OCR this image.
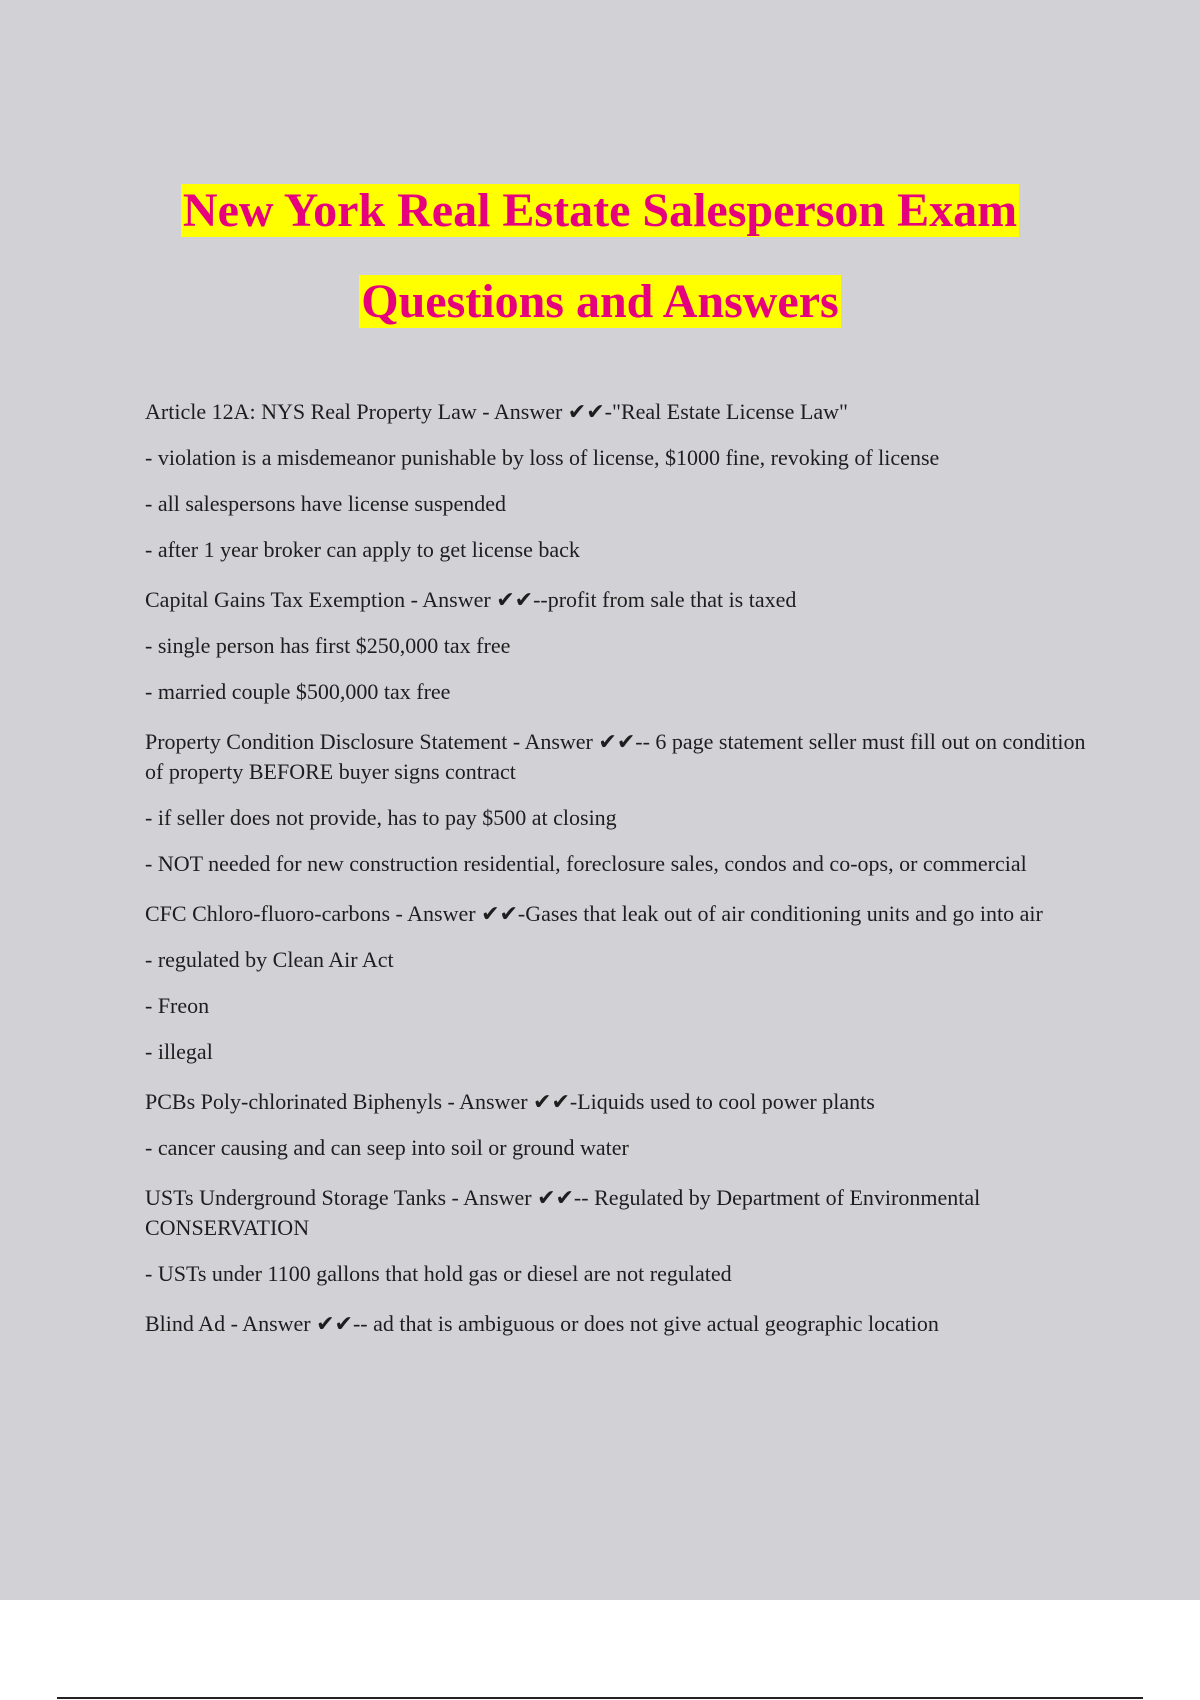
New York Real Estate Salesperson Exam
Questions and Answers

Article 12A: NYS Real Property Law - Answer ✔✔-"Real Estate License Law"

- violation is a misdemeanor punishable by loss of license, $1000 fine, revoking of license

- all salespersons have license suspended

- after 1 year broker can apply to get license back

Capital Gains Tax Exemption - Answer ✔✔--profit from sale that is taxed

- single person has first $250,000 tax free

- married couple $500,000 tax free

Property Condition Disclosure Statement - Answer ✔✔-- 6 page statement seller must fill out on condition of property BEFORE buyer signs contract

- if seller does not provide, has to pay $500 at closing

- NOT needed for new construction residential, foreclosure sales, condos and co-ops, or commercial

CFC Chloro-fluoro-carbons - Answer ✔✔-Gases that leak out of air conditioning units and go into air

- regulated by Clean Air Act

- Freon

- illegal

PCBs Poly-chlorinated Biphenyls - Answer ✔✔-Liquids used to cool power plants

- cancer causing and can seep into soil or ground water

USTs Underground Storage Tanks - Answer ✔✔-- Regulated by Department of Environmental CONSERVATION

- USTs under 1100 gallons that hold gas or diesel are not regulated

Blind Ad - Answer ✔✔-- ad that is ambiguous or does not give actual geographic location
